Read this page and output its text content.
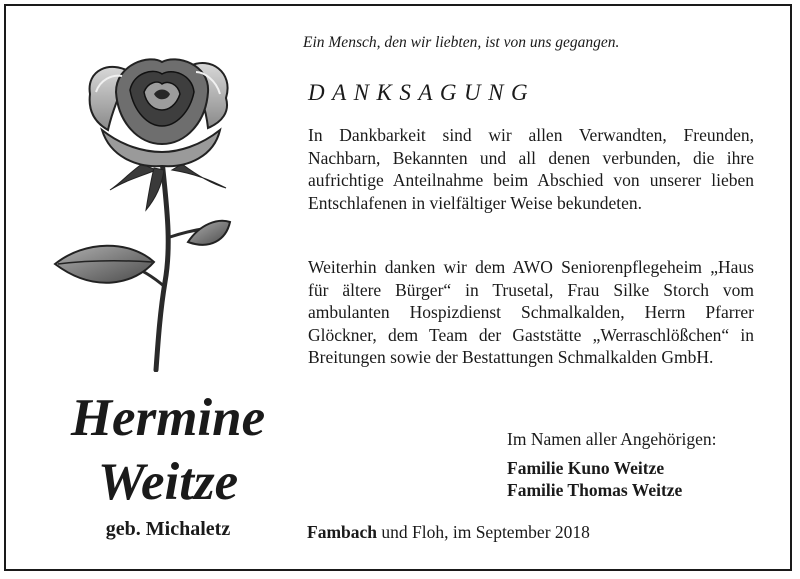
Ein Mensch, den wir liebten, ist von uns gegangen.
DANKSAGUNG

In Dankbarkeit sind wir allen Verwandten, Freunden, Nachbarn, Bekannten und all denen verbunden, die ihre aufrichtige Anteilnahme beim Abschied von unserer lieben Entschlafenen in vielfältiger Weise bekundeten.

Weiterhin danken wir dem AWO Seniorenpflegeheim „Haus für ältere Bürger“ in Trusetal, Frau Silke Storch vom ambulanten Hospizdienst Schmalkalden, Herrn Pfarrer Glöckner, dem Team der Gaststätte „Werraschlößchen“ in Breitungen sowie der Bestattungen Schmalkalden GmbH.

Hermine
Weitze
geb. Michaletz
Im Namen aller Angehörigen:
Familie Kuno Weitze
Familie Thomas Weitze
Fambach und Floh, im September 2018
